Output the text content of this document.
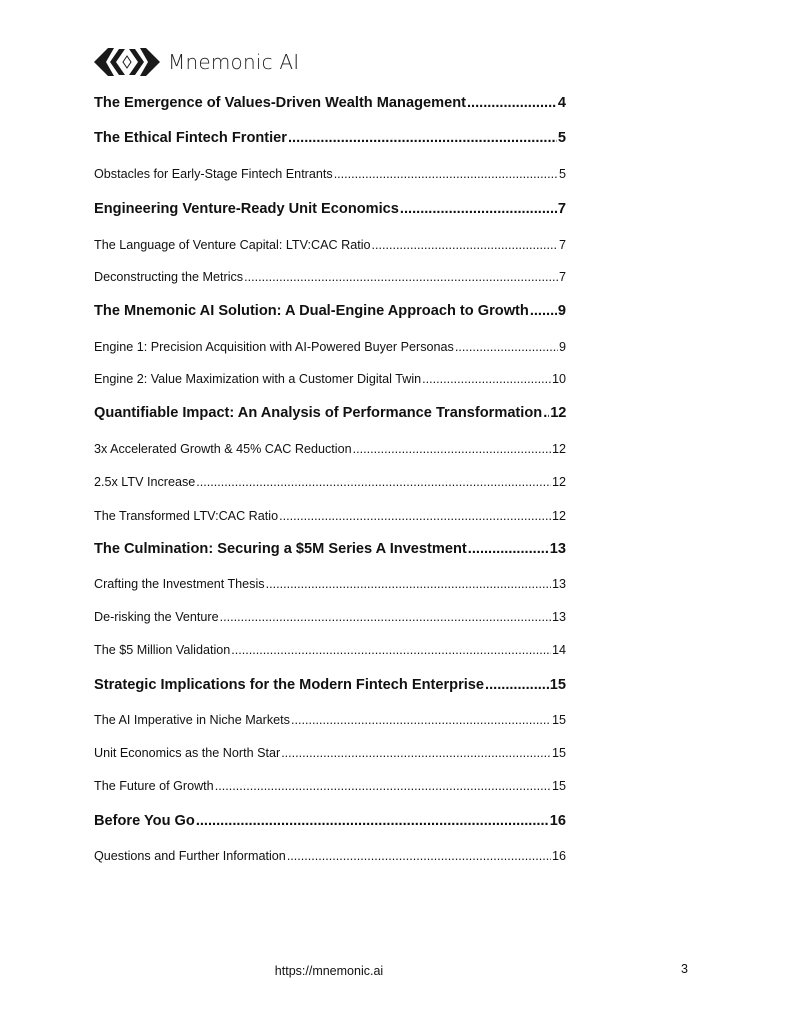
Mnemonic AI
The Emergence of Values-Driven Wealth Management .....	4
The Ethical Fintech Frontier .....	5
Obstacles for Early-Stage Fintech Entrants .....	5
Engineering Venture-Ready Unit Economics .....	7
The Language of Venture Capital: LTV:CAC Ratio .....	7
Deconstructing the Metrics .....	7
The Mnemonic AI Solution: A Dual-Engine Approach to Growth ..... 9
Engine 1: Precision Acquisition with AI-Powered Buyer Personas .....	9
Engine 2: Value Maximization with a Customer Digital Twin .....	10
Quantifiable Impact: An Analysis of Performance Transformation ..... 12
3x Accelerated Growth & 45% CAC Reduction .....	12
2.5x LTV Increase .....	12
The Transformed LTV:CAC Ratio .....	12
The Culmination: Securing a $5M Series A Investment .....	13
Crafting the Investment Thesis .....	13
De-risking the Venture .....	13
The $5 Million Validation .....	14
Strategic Implications for the Modern Fintech Enterprise .....	15
The AI Imperative in Niche Markets .....	15
Unit Economics as the North Star .....	15
The Future of Growth .....	15
Before You Go .....	16
Questions and Further Information .....	16
https://mnemonic.ai	3
